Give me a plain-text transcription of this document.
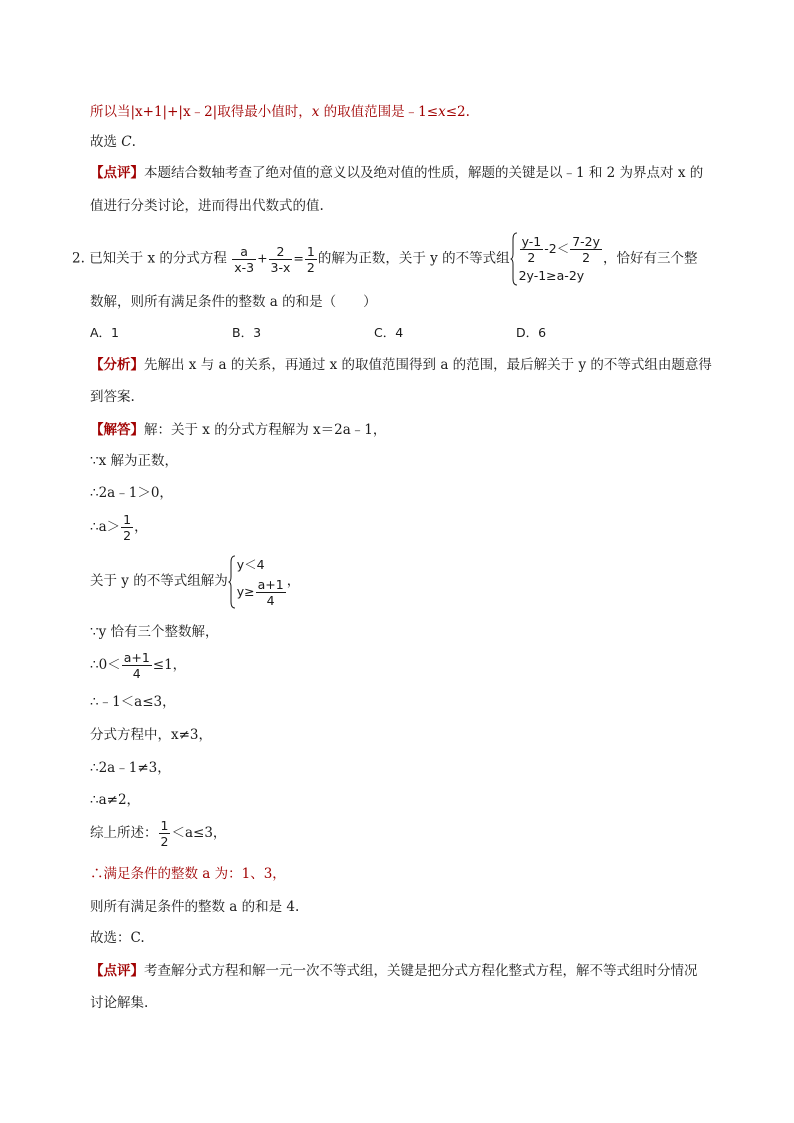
所以当|x+1|+|x﹣2|取得最小值时，x 的取值范围是﹣1≤x≤2.
故选 C.
【点评】本题结合数轴考查了绝对值的意义以及绝对值的性质，解题的关键是以﹣1 和 2 为界点对 x 的
值进行分类讨论，进而得出代数式的值.
2. 已知关于 x 的分式方程 $\frac{a}{x-3} + \frac{2}{3-x} = \frac{1}{2}$ 的解为正数，关于 y 的不等式组 $\frac{y-1}{2} -2< \frac{7-2y}{2}$
2y-1≥a-2y
，恰好有三个整
数解，则所有满足条件的整数 a 的和是（　　）
A．1	B．3	C．4	D．6
【分析】先解出 x 与 a 的关系，再通过 x 的取值范围得到 a 的范围，最后解关于 y 的不等式组由题意得
到答案.
【解答】解：关于 x 的分式方程解为 x＝2a﹣1，
∵x 解为正数，
∴2a﹣1＞0，
∴a＞ $\frac{1}{2}$ ，
关于 y 的不等式组解为
y＜4
$y\ge \frac{a+1}{4}$ ，
∵y 恰有三个整数解，
∴0＜ $\frac{a+1}{4} \le 1$，
∴﹣1＜a≤3，
分式方程中，x≠3，
∴2a﹣1≠3，
∴a≠2，
综上所述： $\frac{1}{2} <a\le 3$，
∴满足条件的整数 a 为：1、3，
则所有满足条件的整数 a 的和是 4.
故选：C.
【点评】考查解分式方程和解一元一次不等式组，关键是把分式方程化整式方程，解不等式组时分情况
讨论解集.
